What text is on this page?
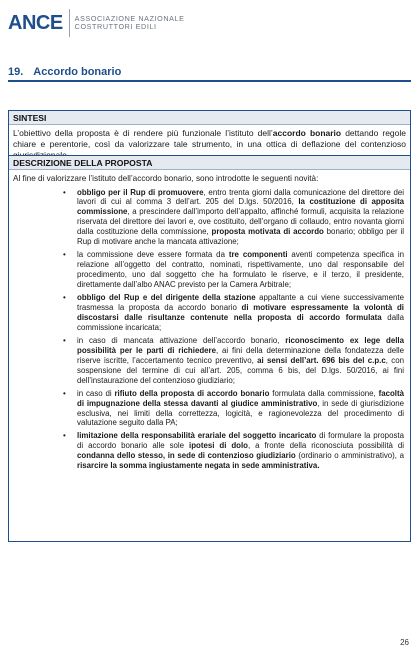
ANCE ASSOCIAZIONE NAZIONALE
COSTRUTTORI EDILI
19. Accordo bonario
SINTESI
L’obiettivo della proposta è di rendere più funzionale l’istituto dell’accordo bonario dettando regole chiare e perentorie, così da valorizzare tale strumento, in una ottica di deflazione del contenzioso
DESCRIZIONE DELLA PROPOSTA
Al fine di valorizzare l’istituto dell’accordo bonario, sono introdotte le seguenti novità:
• obbligo per il Rup di promuovere, entro trenta giorni dalla comunicazione del direttore dei lavori di cui al comma 3 dell’art. 205 del D.lgs. 50/2016, la costituzione di apposita commissione, a prescindere dall’importo dell’appalto, affinché formuli, acquisita la relazione riservata del direttore dei lavori e, ove costituito, dell’organo di collaudo, entro novanta giorni dalla costituzione della commissione, proposta motivata di accordo bonario; obbligo per il Rup di motivare anche la mancata attivazione;
• la commissione deve essere formata da tre componenti aventi competenza specifica in relazione all’oggetto del contratto, nominati, rispettivamente, uno dal responsabile del procedimento, uno dal soggetto che ha formulato le riserve, e il terzo, il presidente, direttamente dall’albo ANAC previsto per la Camera Arbitrale;
• obbligo del Rup e del dirigente della stazione appaltante a cui viene successivamente trasmessa la proposta da accordo bonario di motivare espressamente la volontà di discostarsi dalle risultanze contenute nella proposta di accordo formulata dalla commissione incaricata;
• in caso di mancata attivazione dell’accordo bonario, riconoscimento ex lege della possibilità per le parti di richiedere, ai fini della determinazione della fondatezza delle riserve iscritte, l’accertamento tecnico preventivo, ai sensi dell’art. 696 bis del c.p.c, con sospensione del termine di cui all’art. 205, comma 6 bis, del D.lgs. 50/2016, ai fini dell’instaurazione del contenzioso giudiziario;
• in caso di rifiuto della proposta di accordo bonario formulata dalla commissione, facoltà di impugnazione della stessa davanti al giudice amministrativo, in sede di giurisdizione esclusiva, nei limiti della correttezza, logicità, e ragionevolezza del procedimento di valutazione seguito dalla PA;
• limitazione della responsabilità erariale del soggetto incaricato di formulare la proposta di accordo bonario alle sole ipotesi di dolo, a fronte della riconosciuta possibilità di condanna dello stesso, in sede di contenzioso giudiziario (ordinario o amministrativo), a risarcire la somma ingiustamente negata in sede amministrativa.
26
